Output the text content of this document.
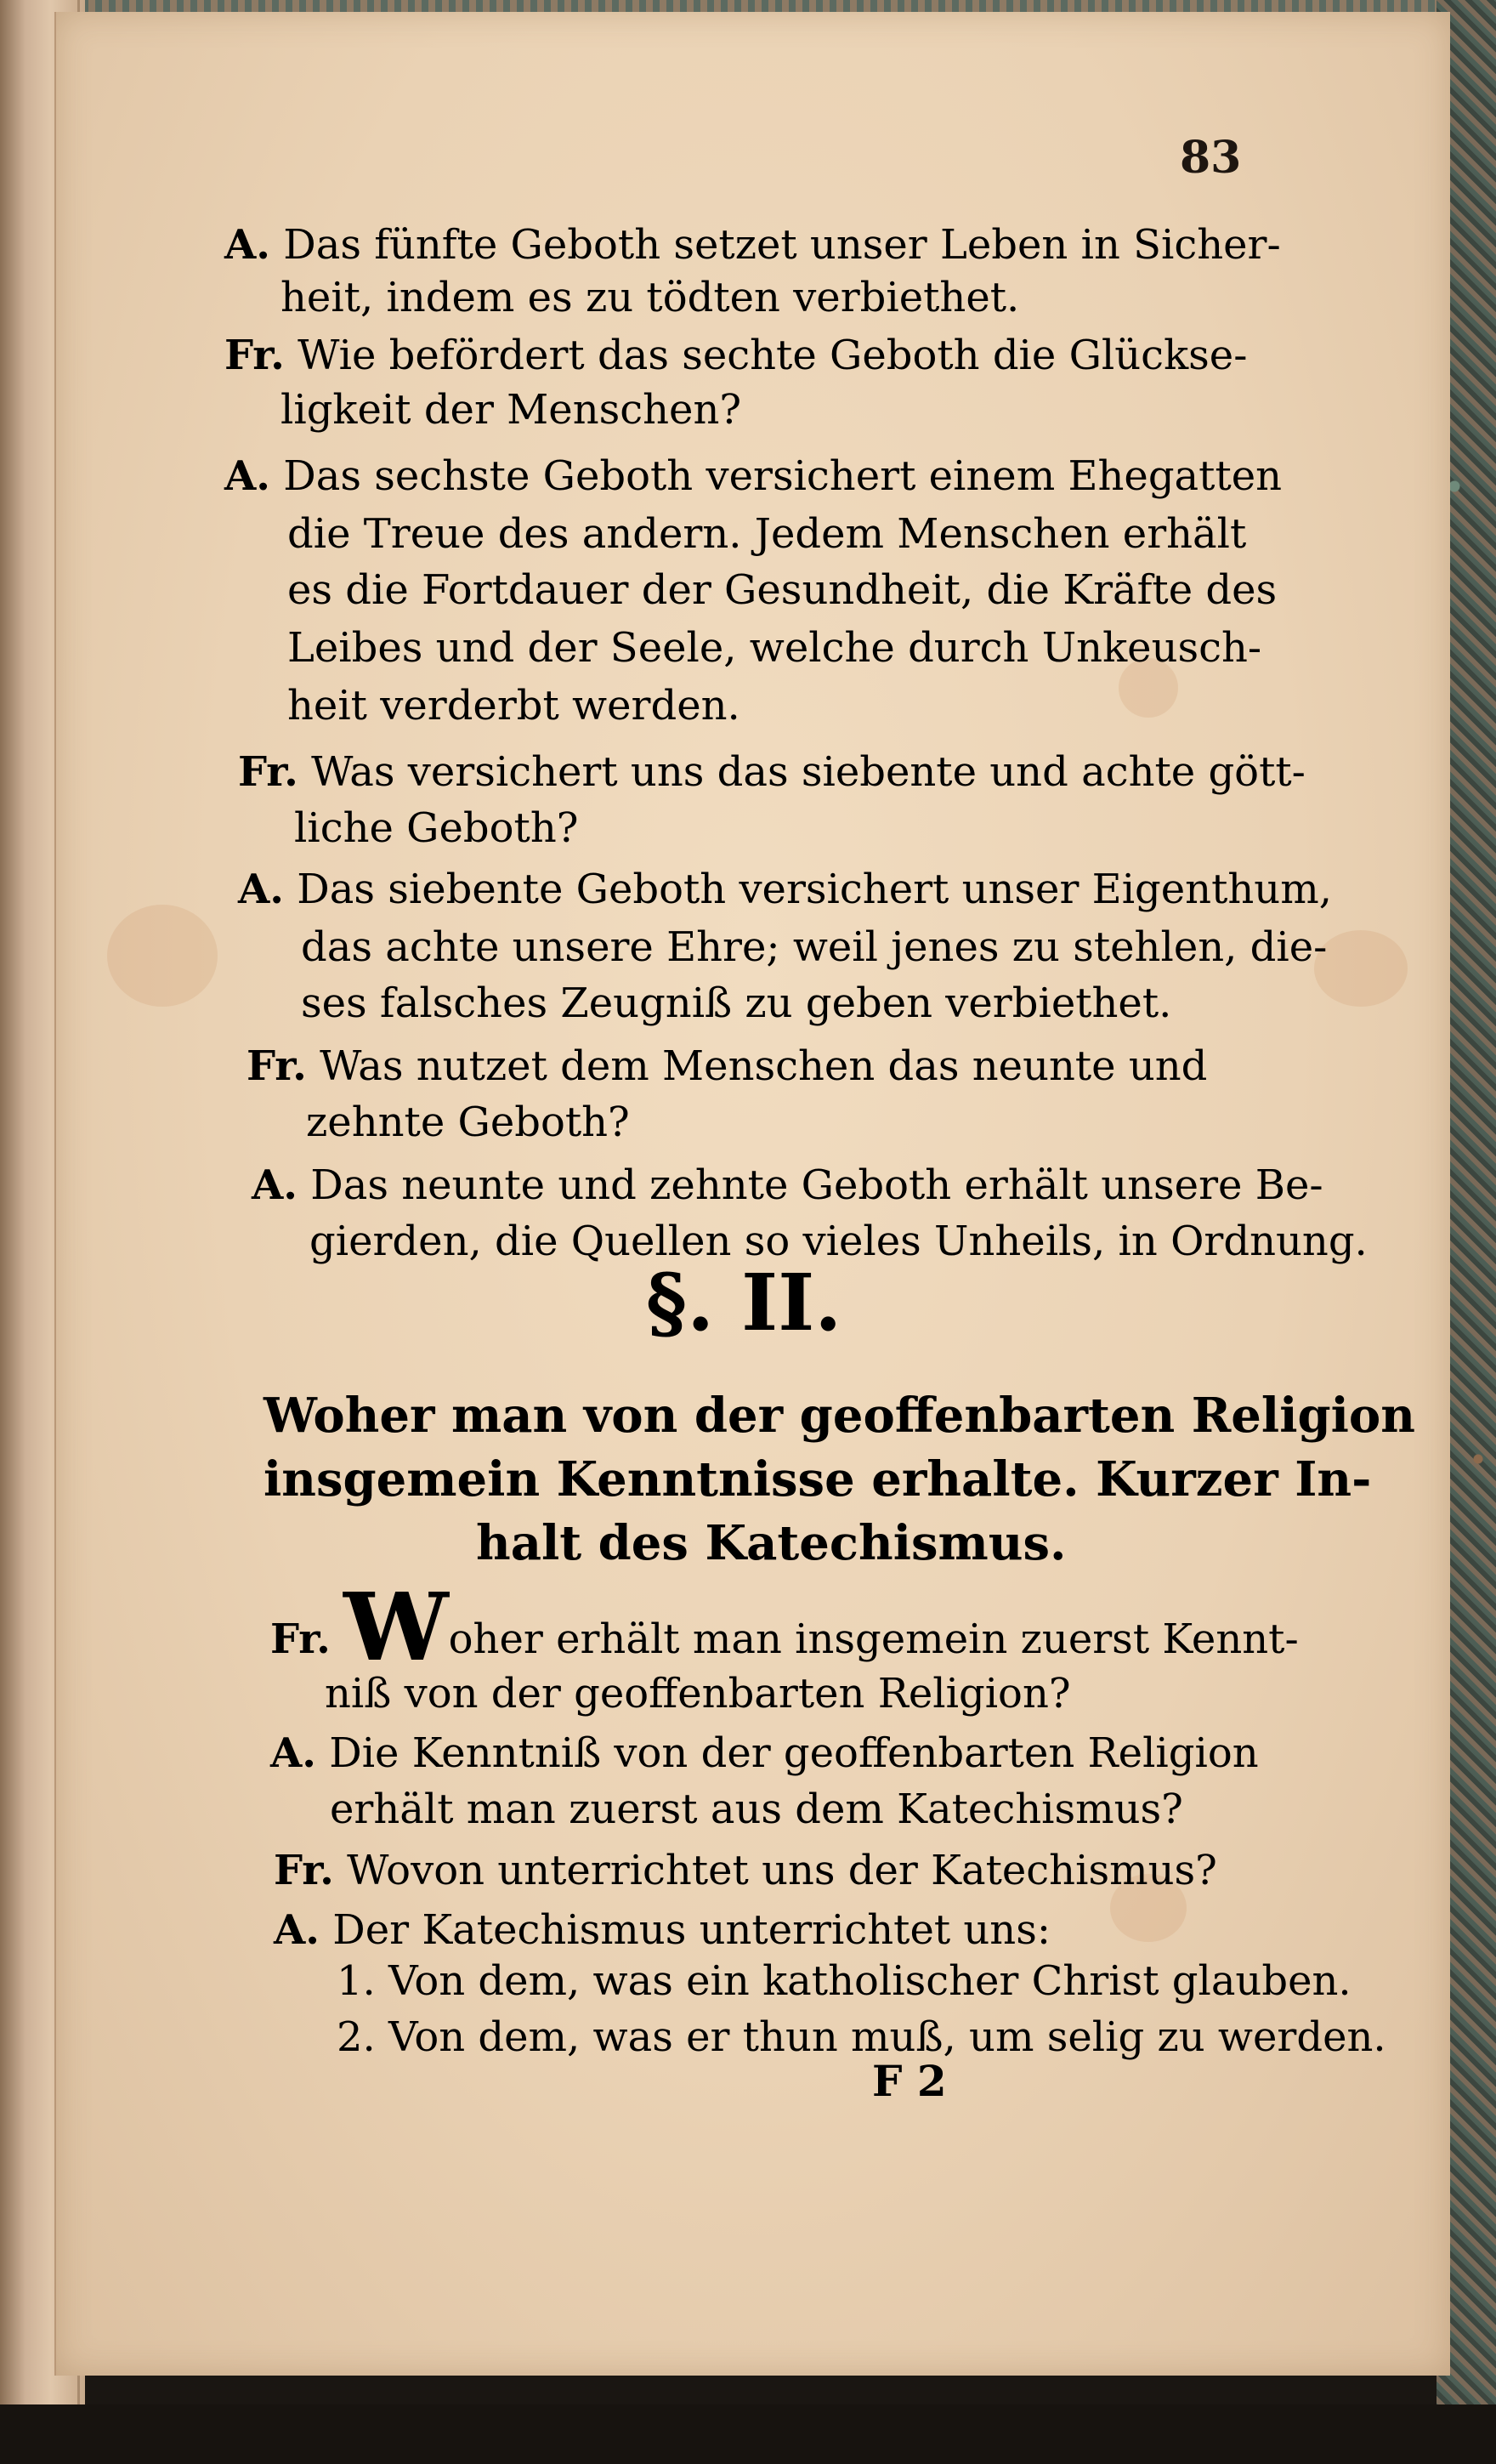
83
A. Das fünfte Geboth setzet unser Leben in Sicher-
heit, indem es zu tödten verbiethet.
Fr. Wie befördert das sechte Geboth die Glückse-
ligkeit der Menschen?
A. Das sechste Geboth versichert einem Ehegatten
die Treue des andern. Jedem Menschen erhält
es die Fortdauer der Gesundheit, die Kräfte des
Leibes und der Seele, welche durch Unkeusch-
heit verderbt werden.
Fr. Was versichert uns das siebente und achte gött-
liche Geboth?
A. Das siebente Geboth versichert unser Eigenthum,
das achte unsere Ehre; weil jenes zu stehlen, die-
ses falsches Zeugniß zu geben verbiethet.
Fr. Was nutzet dem Menschen das neunte und
zehnte Geboth?
A. Das neunte und zehnte Geboth erhält unsere Be-
gierden, die Quellen so vieles Unheils, in Ordnung.
§. II.
Woher man von der geoffenbarten Religion
insgemein Kenntnisse erhalte. Kurzer In-
halt des Katechismus.
Fr. Woher erhält man insgemein zuerst Kennt-
niß von der geoffenbarten Religion?
A. Die Kenntniß von der geoffenbarten Religion
erhält man zuerst aus dem Katechismus?
Fr. Wovon unterrichtet uns der Katechismus?
A. Der Katechismus unterrichtet uns:
1. Von dem, was ein katholischer Christ glauben.
2. Von dem, was er thun muß, um selig zu werden.
F 2
